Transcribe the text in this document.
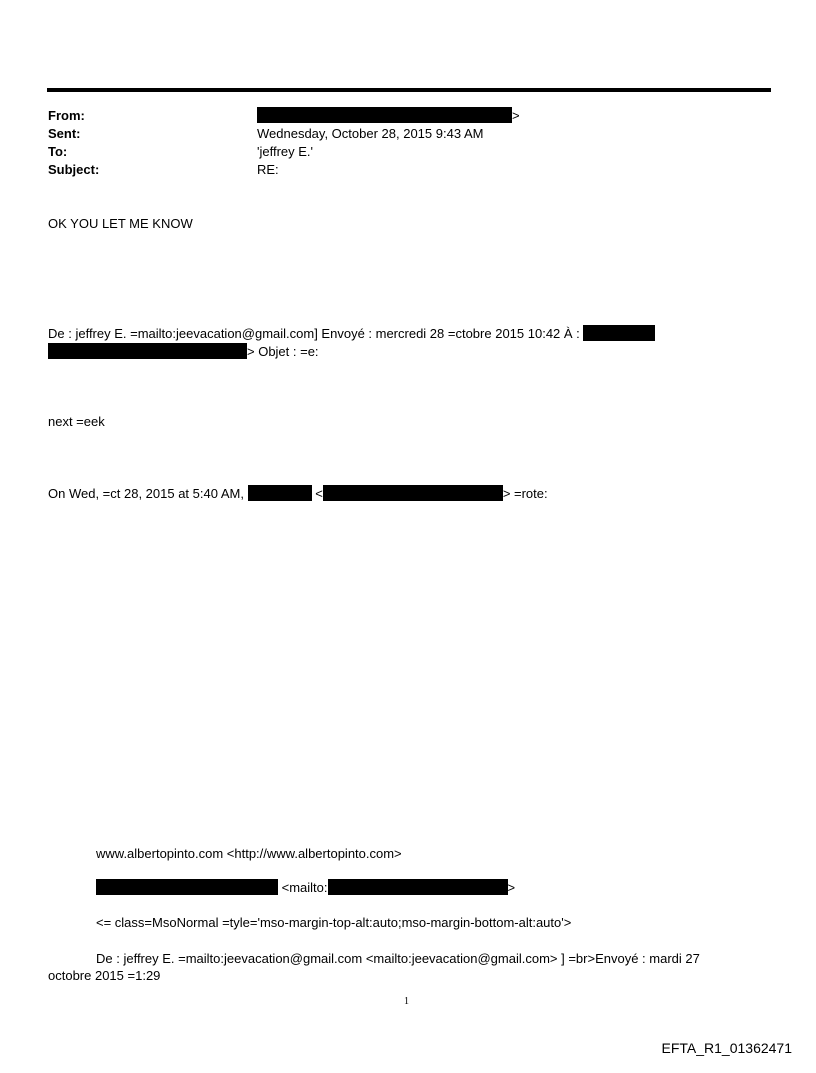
From:	>
Sent:	Wednesday, October 28, 2015 9:43 AM
To:	'jeffrey E.'
Subject:	RE:
OK YOU LET ME KNOW
De : jeffrey E. =mailto:jeevacation@gmail.com] Envoyé : mercredi 28 =ctobre 2015 10:42 À :
> Objet : =e:
next =eek
On Wed, =ct 28, 2015 at 5:40 AM,	<	> =rote:
www.albertopinto.com <http://www.albertopinto.com>
<mailto:	>
<= class=MsoNormal =tyle='mso-margin-top-alt:auto;mso-margin-bottom-alt:auto'>
De : jeffrey E. =mailto:jeevacation@gmail.com <mailto:jeevacation@gmail.com> ] =br>Envoyé : mardi 27
octobre 2015 =1:29
1
EFTA_R1_01362471
